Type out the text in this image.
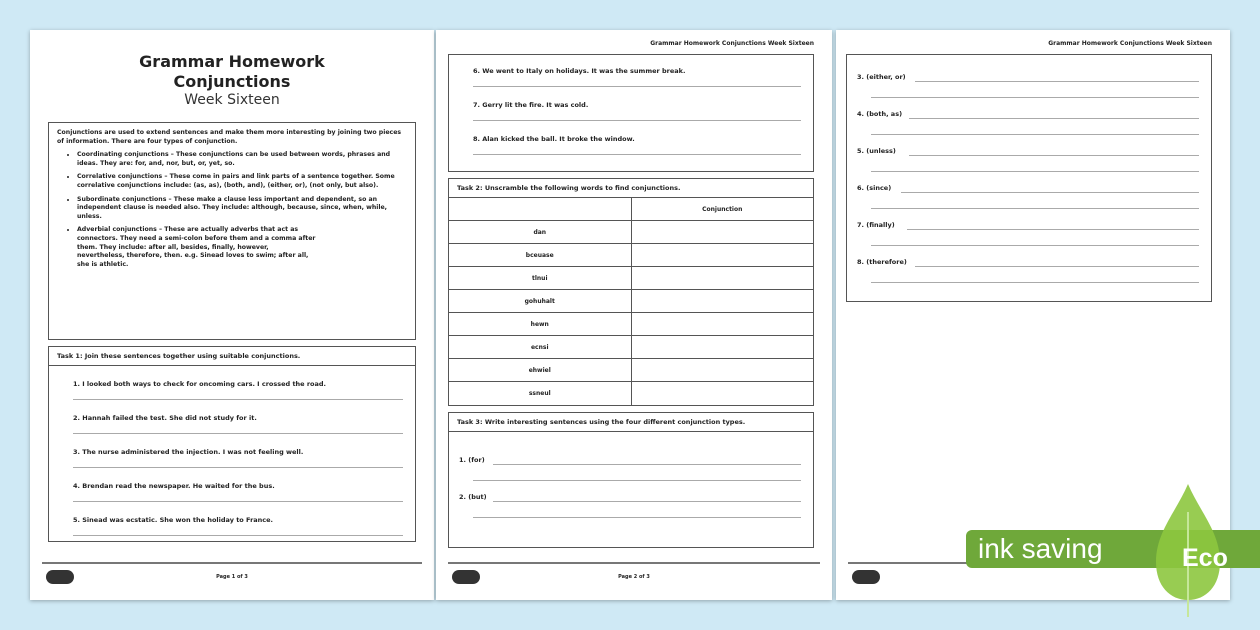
Grammar Homework
Conjunctions
Week Sixteen
Conjunctions are used to extend sentences and make them more interesting by joining two pieces of information. There are four types of conjunction.
• Coordinating conjunctions – These conjunctions can be used between words, phrases and ideas. They are: for, and, nor, but, or, yet, so.
• Correlative conjunctions – These come in pairs and link parts of a sentence together. Some correlative conjunctions include: (as, as), (both, and), (either, or), (not only, but also).
• Subordinate conjunctions – These make a clause less important and dependent, so an independent clause is needed also. They include: although, because, since, when, while, unless.
• Adverbial conjunctions – These are actually adverbs that act as connectors. They need a semi-colon before them and a comma after them. They include: after all, besides, finally, however, nevertheless, therefore, then. e.g. Sinead loves to swim; after all, she is athletic.
Task 1: Join these sentences together using suitable conjunctions.
1. I looked both ways to check for oncoming cars. I crossed the road.
2. Hannah failed the test. She did not study for it.
3. The nurse administered the injection. I was not feeling well.
4. Brendan read the newspaper. He waited for the bus.
5. Sinead was ecstatic. She won the holiday to France.
Page 1 of 3
Grammar Homework Conjunctions Week Sixteen
6. We went to Italy on holidays. It was the summer break.
7. Gerry lit the fire. It was cold.
8. Alan kicked the ball. It broke the window.
Task 2: Unscramble the following words to find conjunctions.
	Conjunction
dan	
bceuase	
tlnui	
gohuhalt	
hewn	
ecnsi	
ehwiel	
ssneul	
Task 3: Write interesting sentences using the four different conjunction types.
1. (for)
2. (but)
Page 2 of 3
Grammar Homework Conjunctions Week Sixteen
3. (either, or)
4. (both, as)
5. (unless)
6. (since)
7. (finally)
8. (therefore)
ink saving	Eco
